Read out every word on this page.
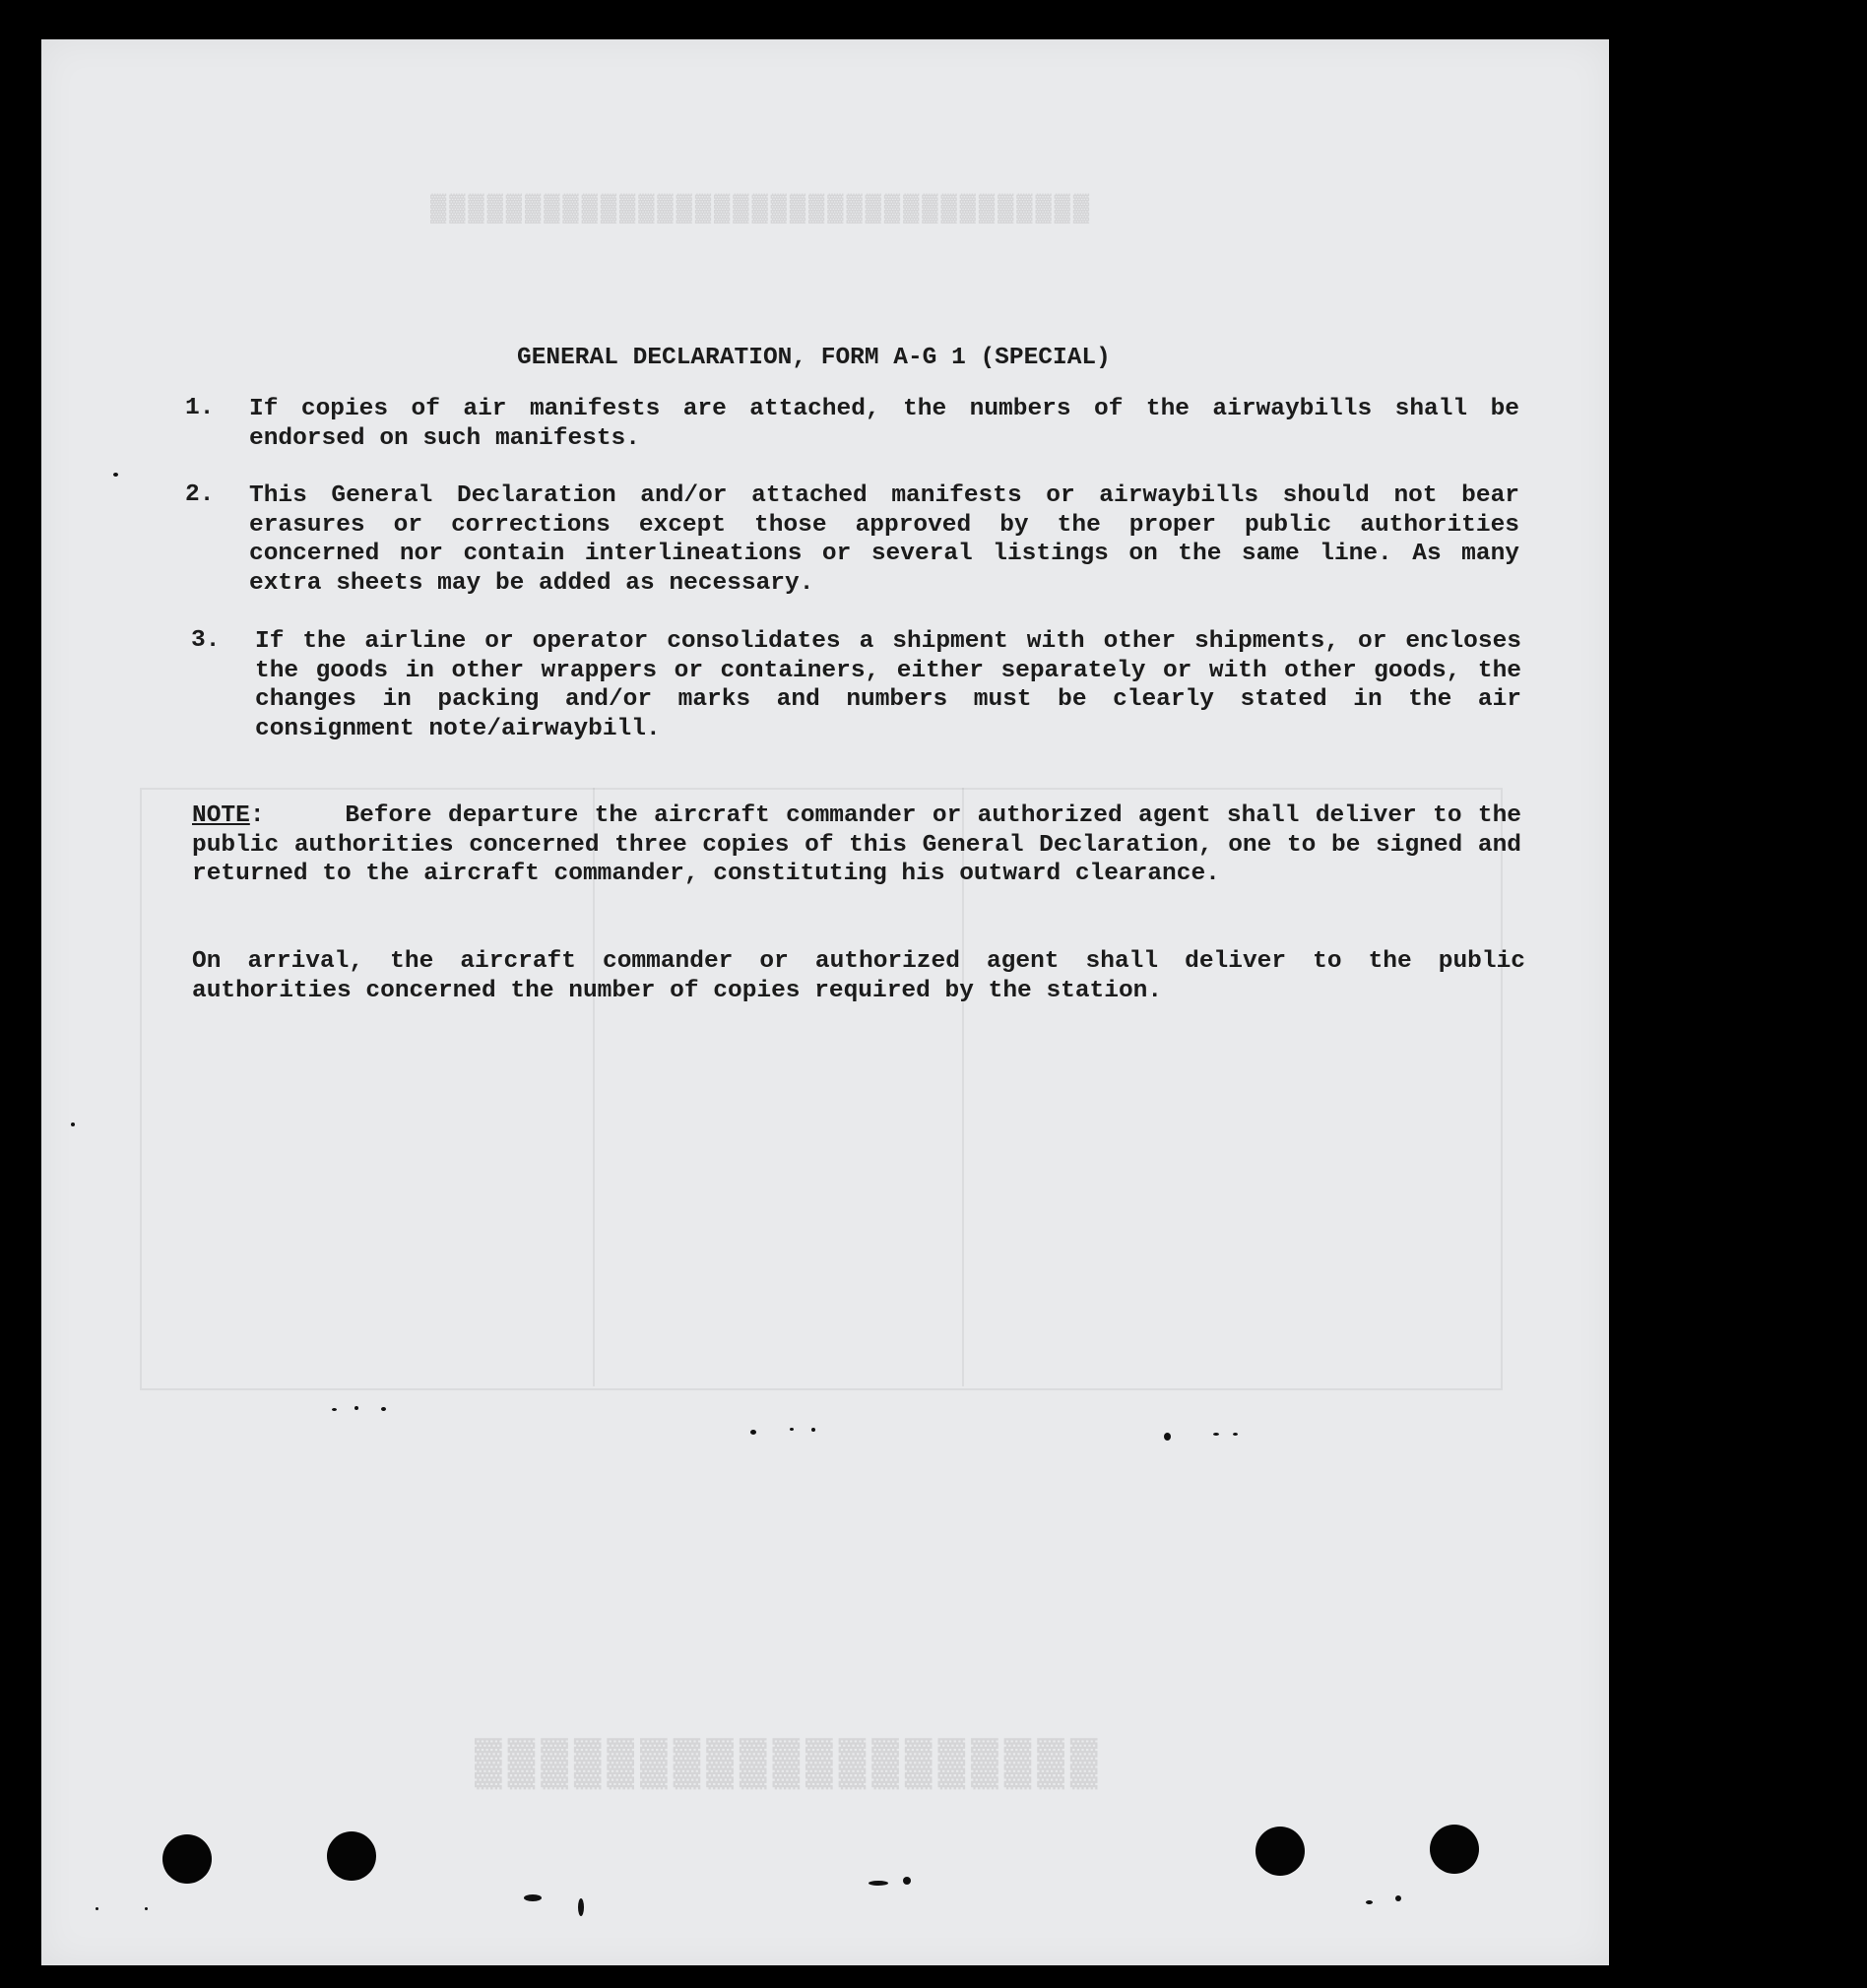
▓▓▓▓▓▓▓▓▓▓▓▓▓▓▓▓▓▓▓▓▓▓▓▓▓▓▓▓▓▓▓▓▓▓▓
▓▓▓▓▓▓▓▓▓▓▓▓▓▓▓▓▓▓▓
GENERAL DECLARATION, FORM A-G 1 (SPECIAL)
1. If copies of air manifests are attached, the numbers of the airwaybills shall be endorsed on such manifests.
2. This General Declaration and/or attached manifests or airwaybills should not bear erasures or corrections except those approved by the proper public authorities concerned nor contain interlineations or several listings on the same line. As many extra sheets may be added as necessary.
3. If the airline or operator consolidates a shipment with other shipments, or encloses the goods in other wrappers or containers, either separately or with other goods, the changes in packing and/or marks and numbers must be clearly stated in the air consignment note/airwaybill.
NOTE:	Before departure the aircraft commander or authorized agent shall deliver to the public authorities concerned three copies of this General Declaration, one to be signed and returned to the aircraft commander, constituting his outward clearance.
On arrival, the aircraft commander or authorized agent shall deliver to the public authorities concerned the number of copies required by the station.
